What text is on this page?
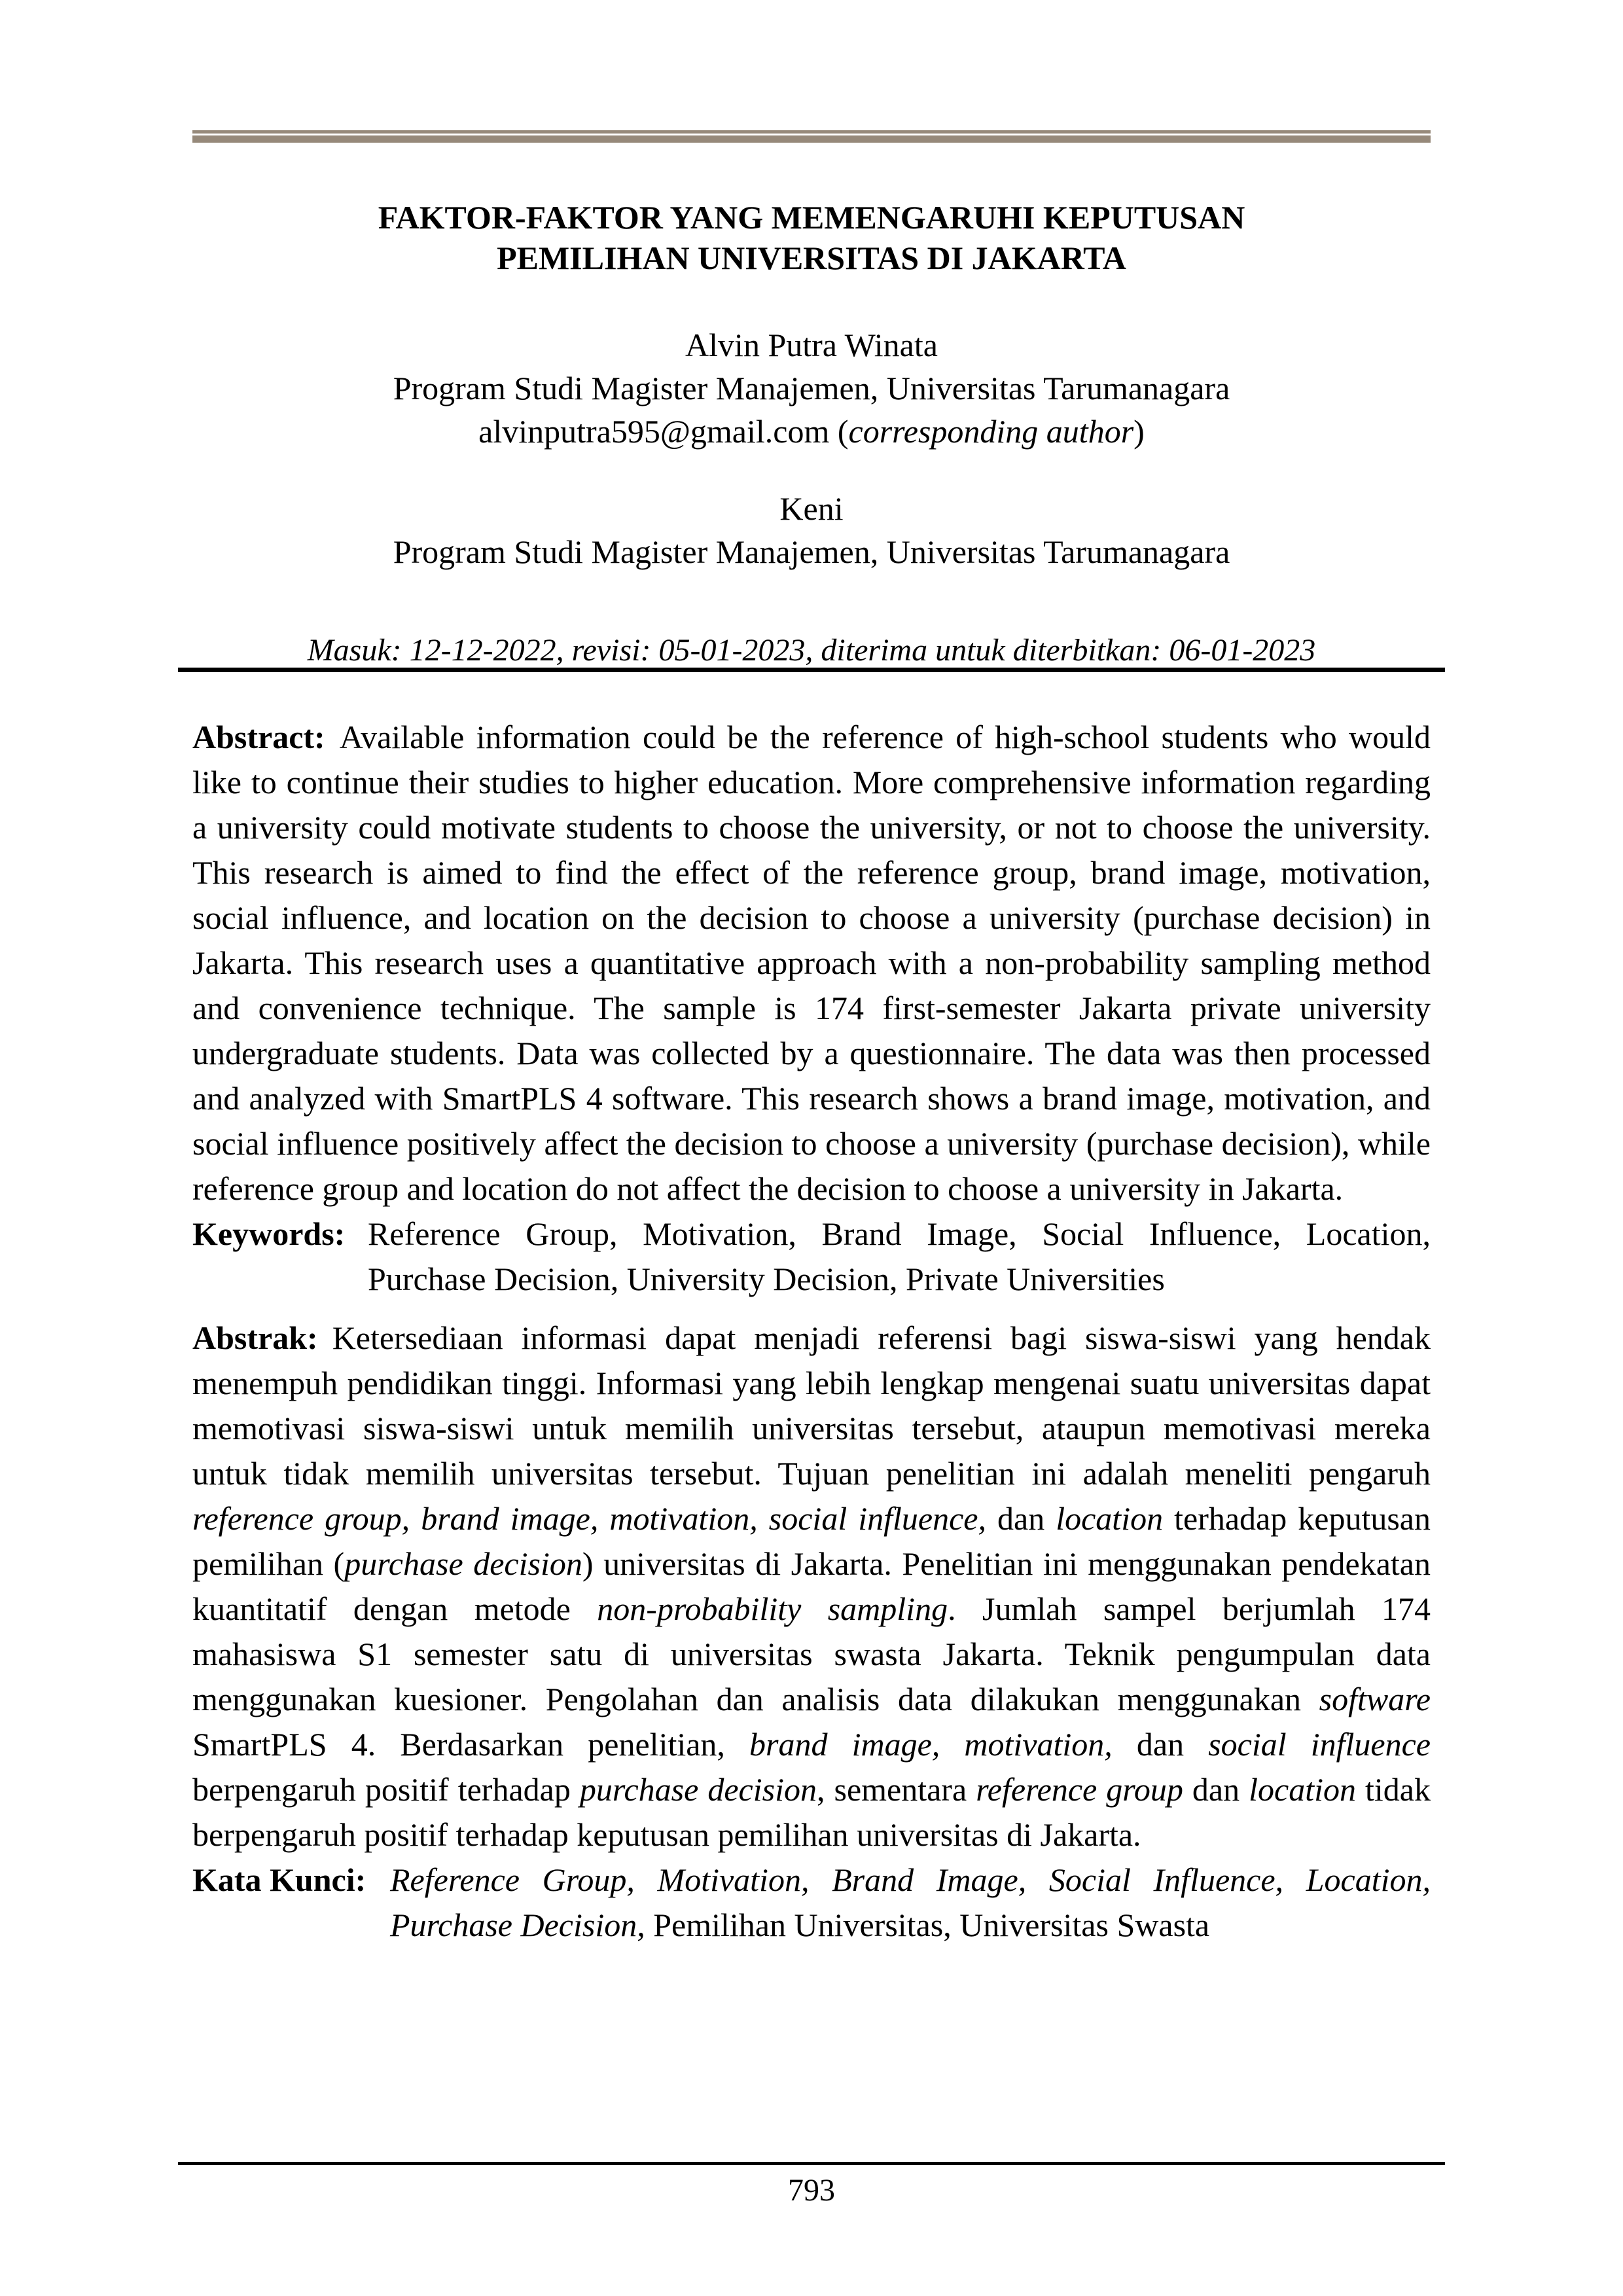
FAKTOR-FAKTOR YANG MEMENGARUHI KEPUTUSAN
PEMILIHAN UNIVERSITAS DI JAKARTA
Alvin Putra Winata
Program Studi Magister Manajemen, Universitas Tarumanagara
alvinputra595@gmail.com (corresponding author)
Keni
Program Studi Magister Manajemen, Universitas Tarumanagara
Masuk: 12-12-2022, revisi: 05-01-2023, diterima untuk diterbitkan: 06-01-2023

Abstract: Available information could be the reference of high-school students who would like to continue their studies to higher education. More comprehensive information regarding a university could motivate students to choose the university, or not to choose the university. This research is aimed to find the effect of the reference group, brand image, motivation, social influence, and location on the decision to choose a university (purchase decision) in Jakarta. This research uses a quantitative approach with a non-probability sampling method and convenience technique. The sample is 174 first-semester Jakarta private university undergraduate students. Data was collected by a questionnaire. The data was then processed and analyzed with SmartPLS 4 software. This research shows a brand image, motivation, and social influence positively affect the decision to choose a university (purchase decision), while reference group and location do not affect the decision to choose a university in Jakarta.

Keywords: Reference Group, Motivation, Brand Image, Social Influence, Location, Purchase Decision, University Decision, Private Universities

Abstrak: Ketersediaan informasi dapat menjadi referensi bagi siswa-siswi yang hendak menempuh pendidikan tinggi. Informasi yang lebih lengkap mengenai suatu universitas dapat memotivasi siswa-siswi untuk memilih universitas tersebut, ataupun memotivasi mereka untuk tidak memilih universitas tersebut. Tujuan penelitian ini adalah meneliti pengaruh reference group, brand image, motivation, social influence, dan location terhadap keputusan pemilihan (purchase decision) universitas di Jakarta. Penelitian ini menggunakan pendekatan kuantitatif dengan metode non-probability sampling. Jumlah sampel berjumlah 174 mahasiswa S1 semester satu di universitas swasta Jakarta. Teknik pengumpulan data menggunakan kuesioner. Pengolahan dan analisis data dilakukan menggunakan software SmartPLS 4. Berdasarkan penelitian, brand image, motivation, dan social influence berpengaruh positif terhadap purchase decision, sementara reference group dan location tidak berpengaruh positif terhadap keputusan pemilihan universitas di Jakarta.

Kata Kunci: Reference Group, Motivation, Brand Image, Social Influence, Location, Purchase Decision, Pemilihan Universitas, Universitas Swasta

793
